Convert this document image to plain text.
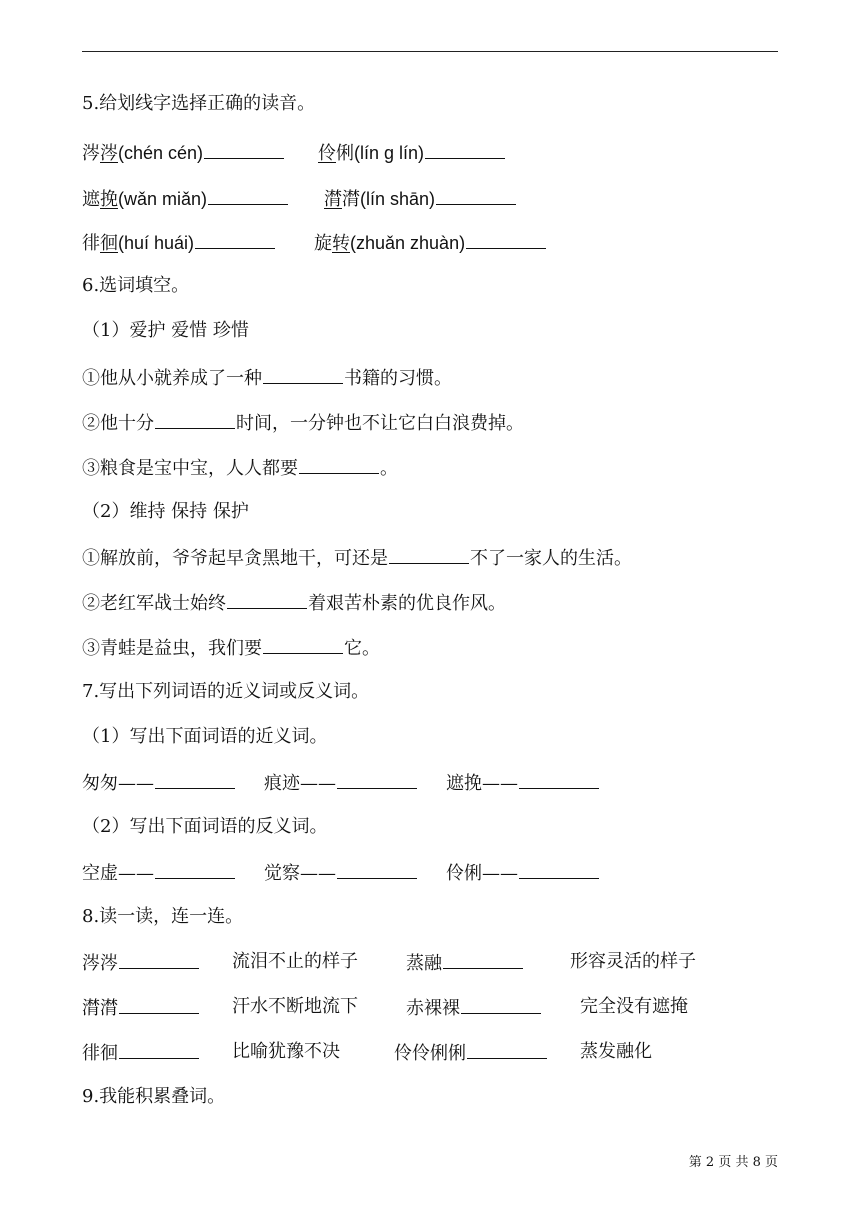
5.给划线字选择正确的读音。
涔涔(chén cén)	伶俐(lín g lín)
遮挽(wǎn miǎn)	潸潸(lín shān)
徘徊(huí huái)	旋转(zhuǎn zhuàn)
6.选词填空。
（1）爱护 爱惜 珍惜
①他从小就养成了一种	书籍的习惯。
②他十分	时间，一分钟也不让它白白浪费掉。
③粮食是宝中宝，人人都要	。
（2）维持 保持 保护
①解放前，爷爷起早贪黑地干，可还是	不了一家人的生活。
②老红军战士始终	着艰苦朴素的优良作风。
③青蛙是益虫，我们要	它。
7.写出下列词语的近义词或反义词。
（1）写出下面词语的近义词。
匆匆——	痕迹——	遮挽——
（2）写出下面词语的反义词。
空虚——	觉察——	伶俐——
8.读一读，连一连。
涔涔	流泪不止的样子	蒸融	形容灵活的样子
潸潸	汗水不断地流下	赤裸裸	完全没有遮掩
徘徊	比喻犹豫不决	伶伶俐俐	蒸发融化
9.我能积累叠词。
第 2 页 共 8 页
